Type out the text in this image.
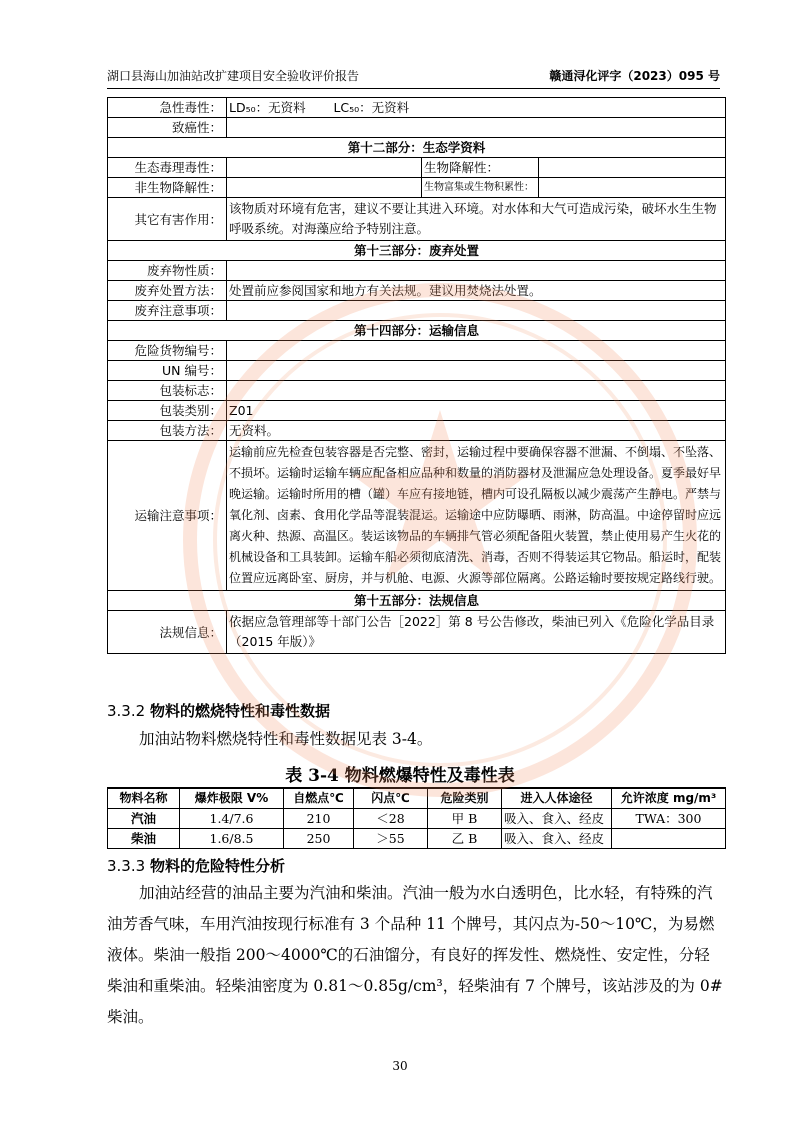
湖口县海山加油站改扩建项目安全验收评价报告	赣通浔化评字（2023）095 号
急性毒性：	LD₅₀：无资料 LC₅₀：无资料		
致癌性：			
第十二部分：生态学资料			
生态毒理毒性：		生物降解性：	
非生物降解性：		生物富集或生物积累性：	
其它有害作用：	该物质对环境有危害，建议不要让其进入环境。对水体和大气可造成污染，破坏水生生物呼吸系统。对海藻应给予特别注意。		
第十三部分：废弃处置			
废弃物性质：			
废弃处置方法：	处置前应参阅国家和地方有关法规。建议用焚烧法处置。		
废弃注意事项：			
第十四部分：运输信息			
危险货物编号：			
UN 编号：			
包装标志：			
包装类别：	Z01		
包装方法：	无资料。		
运输注意事项：	运输前应先检查包装容器是否完整、密封，运输过程中要确保容器不泄漏、不倒塌、不坠落、不损坏。运输时运输车辆应配备相应品种和数量的消防器材及泄漏应急处理设备。夏季最好早晚运输。运输时所用的槽（罐）车应有接地链，槽内可设孔隔板以减少震荡产生静电。严禁与氧化剂、卤素、食用化学品等混装混运。运输途中应防曝晒、雨淋，防高温。中途停留时应远离火种、热源、高温区。装运该物品的车辆排气管必须配备阻火装置，禁止使用易产生火花的机械设备和工具装卸。运输车船必须彻底清洗、消毒，否则不得装运其它物品。船运时，配装位置应远离卧室、厨房，并与机舱、电源、火源等部位隔离。公路运输时要按规定路线行驶。		
第十五部分：法规信息			
法规信息：	依据应急管理部等十部门公告［2022］第 8 号公告修改，柴油已列入《危险化学品目录（2015 年版）》		
3.3.2 物料的燃烧特性和毒性数据
加油站物料燃烧特性和毒性数据见表 3-4。
表 3-4 物料燃爆特性及毒性表
物料名称	爆炸极限 V%	自燃点℃	闪点℃	危险类别	进入人体途径	允许浓度 mg/m³
汽油	1.4/7.6	210	＜28	甲 B	吸入、食入、经皮	TWA：300
柴油	1.6/8.5	250	＞55	乙 B	吸入、食入、经皮	
3.3.3 物料的危险特性分析
加油站经营的油品主要为汽油和柴油。汽油一般为水白透明色，比水轻，有特殊的汽油芳香气味，车用汽油按现行标准有 3 个品种 11 个牌号，其闪点为-50～10℃，为易燃液体。柴油一般指 200～4000℃的石油馏分，有良好的挥发性、燃烧性、安定性，分轻柴油和重柴油。轻柴油密度为 0.81～0.85g/cm³，轻柴油有 7 个牌号，该站涉及的为 0#柴油。
30
